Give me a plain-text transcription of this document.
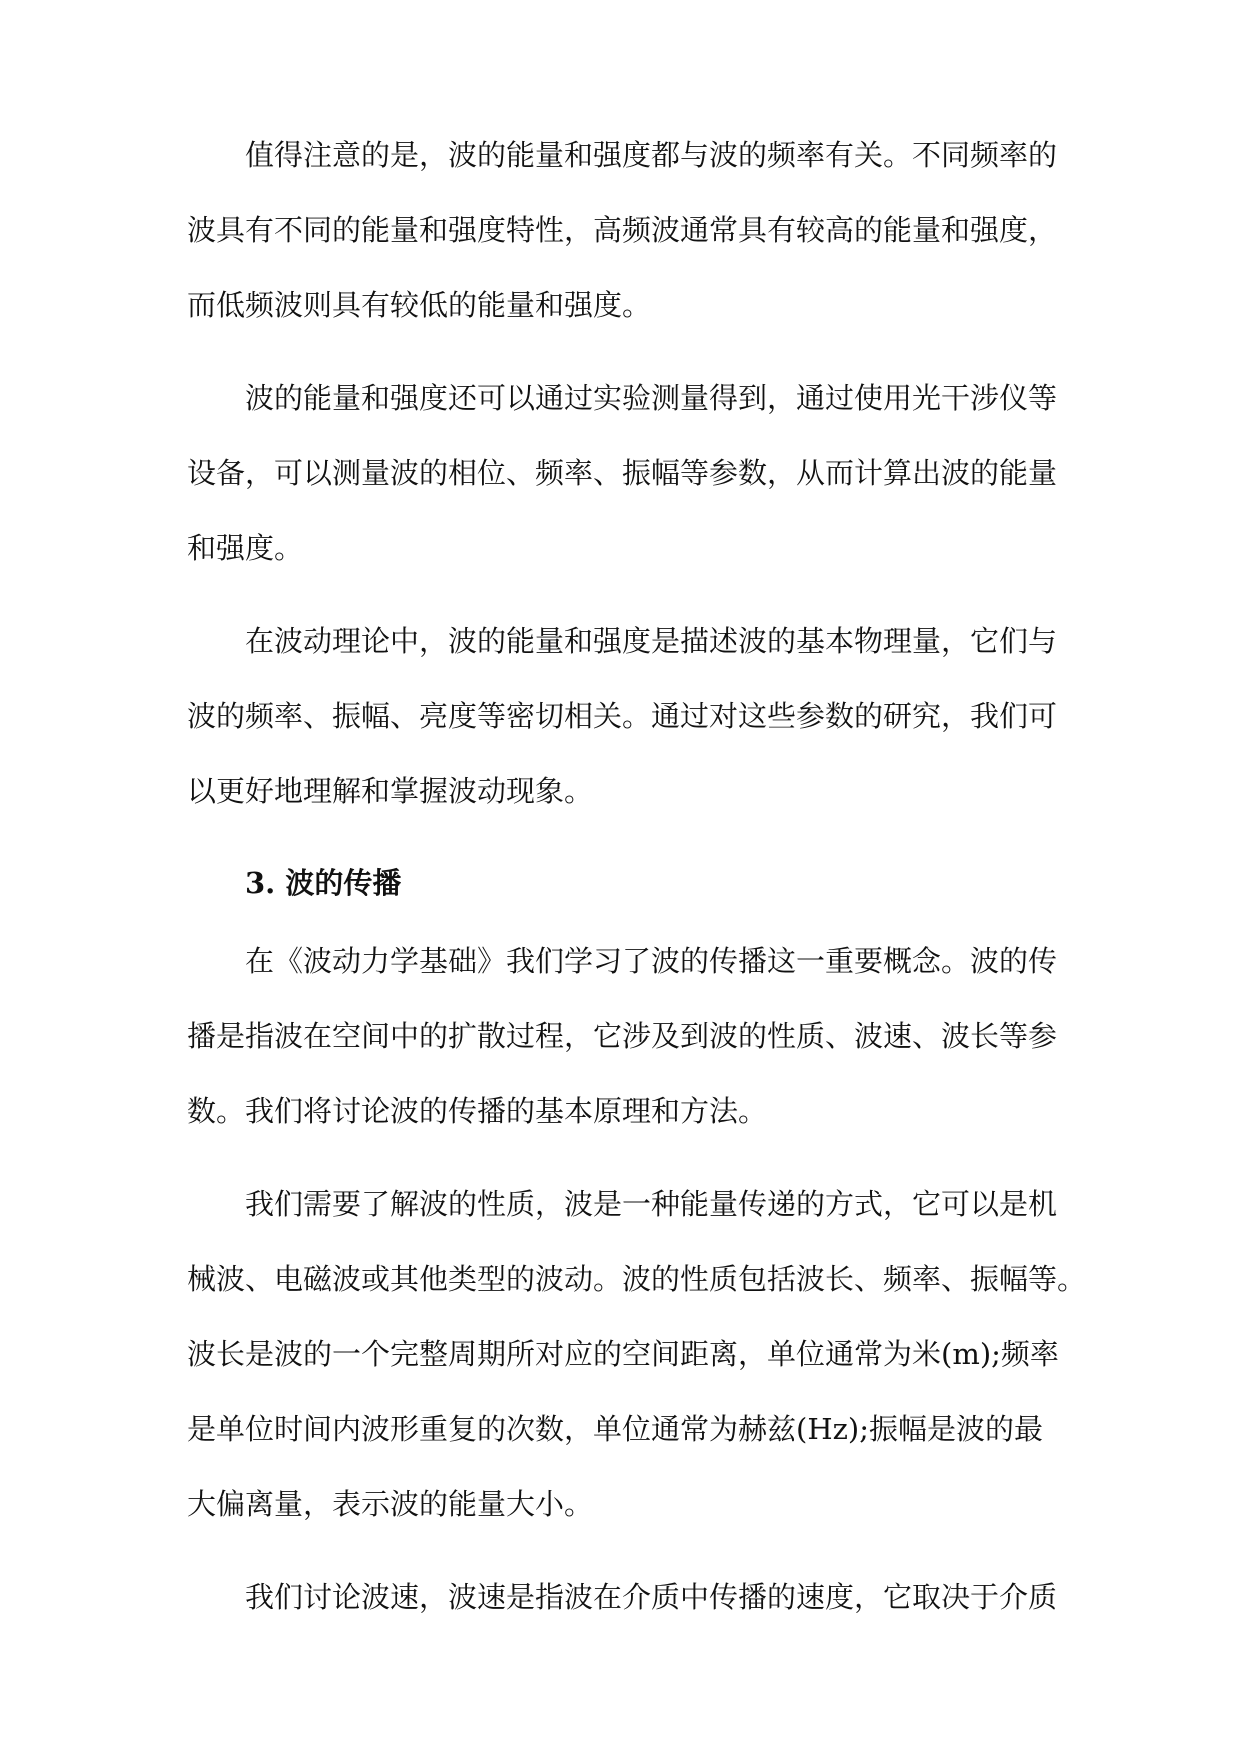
值得注意的是，波的能量和强度都与波的频率有关。不同频率的
波具有不同的能量和强度特性，高频波通常具有较高的能量和强度，
而低频波则具有较低的能量和强度。
波的能量和强度还可以通过实验测量得到，通过使用光干涉仪等
设备，可以测量波的相位、频率、振幅等参数，从而计算出波的能量
和强度。
在波动理论中，波的能量和强度是描述波的基本物理量，它们与
波的频率、振幅、亮度等密切相关。通过对这些参数的研究，我们可
以更好地理解和掌握波动现象。
3. 波的传播
在《波动力学基础》我们学习了波的传播这一重要概念。波的传
播是指波在空间中的扩散过程，它涉及到波的性质、波速、波长等参
数。我们将讨论波的传播的基本原理和方法。
我们需要了解波的性质，波是一种能量传递的方式，它可以是机
械波、电磁波或其他类型的波动。波的性质包括波长、频率、振幅等。
波长是波的一个完整周期所对应的空间距离，单位通常为米(m);频率
是单位时间内波形重复的次数，单位通常为赫兹(Hz);振幅是波的最
大偏离量，表示波的能量大小。
我们讨论波速，波速是指波在介质中传播的速度，它取决于介质
